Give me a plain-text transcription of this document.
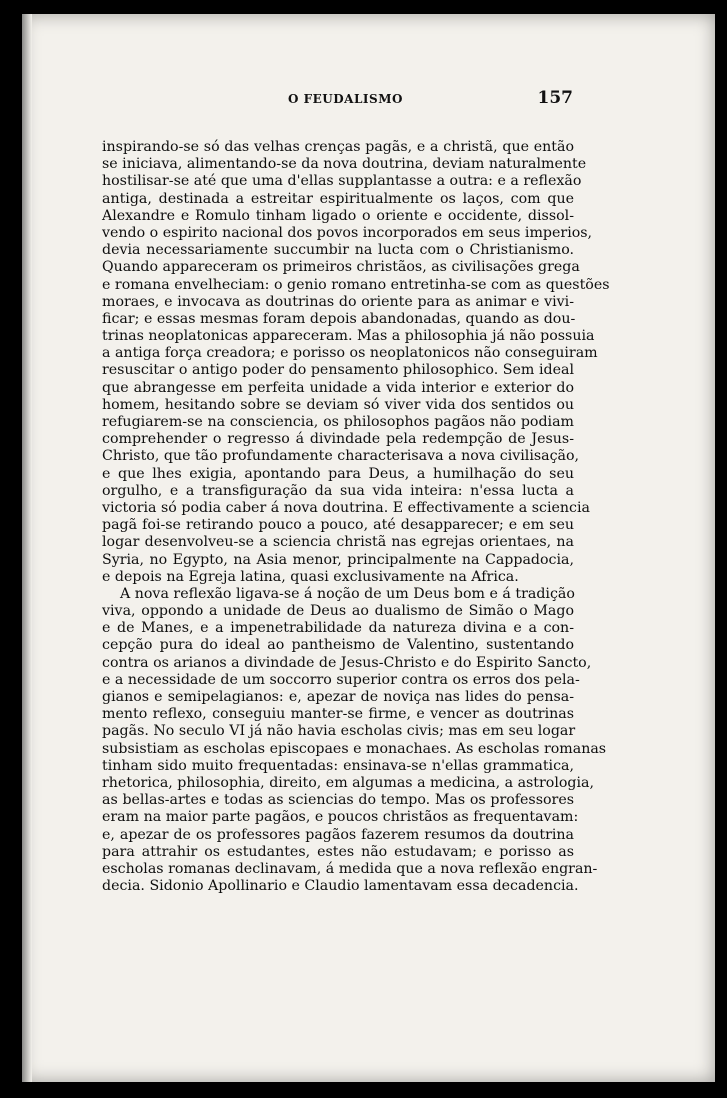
O FEUDALISMO	157
inspirando-se só das velhas crenças pagãs, e a christã, que então
se iniciava, alimentando-se da nova doutrina, deviam naturalmente
hostilisar-se até que uma d'ellas supplantasse a outra: e a reflexão
antiga, destinada a estreitar espiritualmente os laços, com que
Alexandre e Romulo tinham ligado o oriente e occidente, dissol-
vendo o espirito nacional dos povos incorporados em seus imperios,
devia necessariamente succumbir na lucta com o Christianismo.
Quando appareceram os primeiros christãos, as civilisações grega
e romana envelheciam: o genio romano entretinha-se com as questões
moraes, e invocava as doutrinas do oriente para as animar e vivi-
ficar; e essas mesmas foram depois abandonadas, quando as dou-
trinas neoplatonicas appareceram. Mas a philosophia já não possuia
a antiga força creadora; e porisso os neoplatonicos não conseguiram
resuscitar o antigo poder do pensamento philosophico. Sem ideal
que abrangesse em perfeita unidade a vida interior e exterior do
homem, hesitando sobre se deviam só viver vida dos sentidos ou
refugiarem-se na consciencia, os philosophos pagãos não podiam
comprehender o regresso á divindade pela redempção de Jesus-
Christo, que tão profundamente characterisava a nova civilisação,
e que lhes exigia, apontando para Deus, a humilhação do seu
orgulho, e a transfiguração da sua vida inteira: n'essa lucta a
victoria só podia caber á nova doutrina. E effectivamente a sciencia
pagã foi-se retirando pouco a pouco, até desapparecer; e em seu
logar desenvolveu-se a sciencia christã nas egrejas orientaes, na
Syria, no Egypto, na Asia menor, principalmente na Cappadocia,
e depois na Egreja latina, quasi exclusivamente na Africa.
A nova reflexão ligava-se á noção de um Deus bom e á tradição
viva, oppondo a unidade de Deus ao dualismo de Simão o Mago
e de Manes, e a impenetrabilidade da natureza divina e a con-
cepção pura do ideal ao pantheismo de Valentino, sustentando
contra os arianos a divindade de Jesus-Christo e do Espirito Sancto,
e a necessidade de um soccorro superior contra os erros dos pela-
gianos e semipelagianos: e, apezar de noviça nas lides do pensa-
mento reflexo, conseguiu manter-se firme, e vencer as doutrinas
pagãs. No seculo VI já não havia escholas civis; mas em seu logar
subsistiam as escholas episcopaes e monachaes. As escholas romanas
tinham sido muito frequentadas: ensinava-se n'ellas grammatica,
rhetorica, philosophia, direito, em algumas a medicina, a astrologia,
as bellas-artes e todas as sciencias do tempo. Mas os professores
eram na maior parte pagãos, e poucos christãos as frequentavam:
e, apezar de os professores pagãos fazerem resumos da doutrina
para attrahir os estudantes, estes não estudavam; e porisso as
escholas romanas declinavam, á medida que a nova reflexão engran-
decia. Sidonio Apollinario e Claudio lamentavam essa decadencia.
